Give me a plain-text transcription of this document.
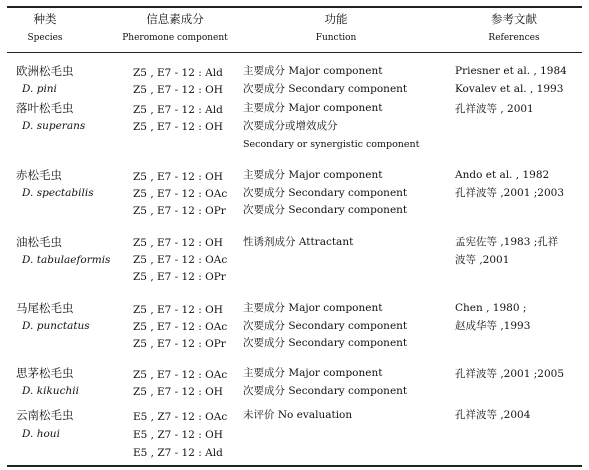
种类
Species
信息素成分
Pheromone component
功能
Function
参考文献
References
欧洲松毛虫
D. pini
Z5 , E7 - 12 : Ald
Z5 , E7 - 12 : OH
主要成分 Major component
次要成分 Secondary component
Priesner et al. , 1984
Kovalev et al. , 1993
落叶松毛虫
D. superans
Z5 , E7 - 12 : Ald
Z5 , E7 - 12 : OH
主要成分 Major component
次要成分或增效成分
Secondary or synergistic component
孔祥波等 , 2001
赤松毛虫
D. spectabilis
Z5 , E7 - 12 : OH
Z5 , E7 - 12 : OAc
Z5 , E7 - 12 : OPr
主要成分 Major component
次要成分 Secondary component
次要成分 Secondary component
Ando et al. , 1982
孔祥波等 ,2001 ;2003
油松毛虫
D. tabulaeformis
Z5 , E7 - 12 : OH
Z5 , E7 - 12 : OAc
Z5 , E7 - 12 : OPr
性诱剂成分 Attractant	孟宪佐等 ,1983 ;孔祥
波等 ,2001
马尾松毛虫
D. punctatus
Z5 , E7 - 12 : OH
Z5 , E7 - 12 : OAc
Z5 , E7 - 12 : OPr
主要成分 Major component
次要成分 Secondary component
次要成分 Secondary component
Chen , 1980 ;
赵成华等 ,1993
思茅松毛虫
D. kikuchii
Z5 , E7 - 12 : OAc
Z5 , E7 - 12 : OH
主要成分 Major component
次要成分 Secondary component
孔祥波等 ,2001 ;2005
云南松毛虫
D. houi
E5 , Z7 - 12 : OAc
E5 , Z7 - 12 : OH
E5 , Z7 - 12 : Ald
未评价 No evaluation	孔祥波等 ,2004
